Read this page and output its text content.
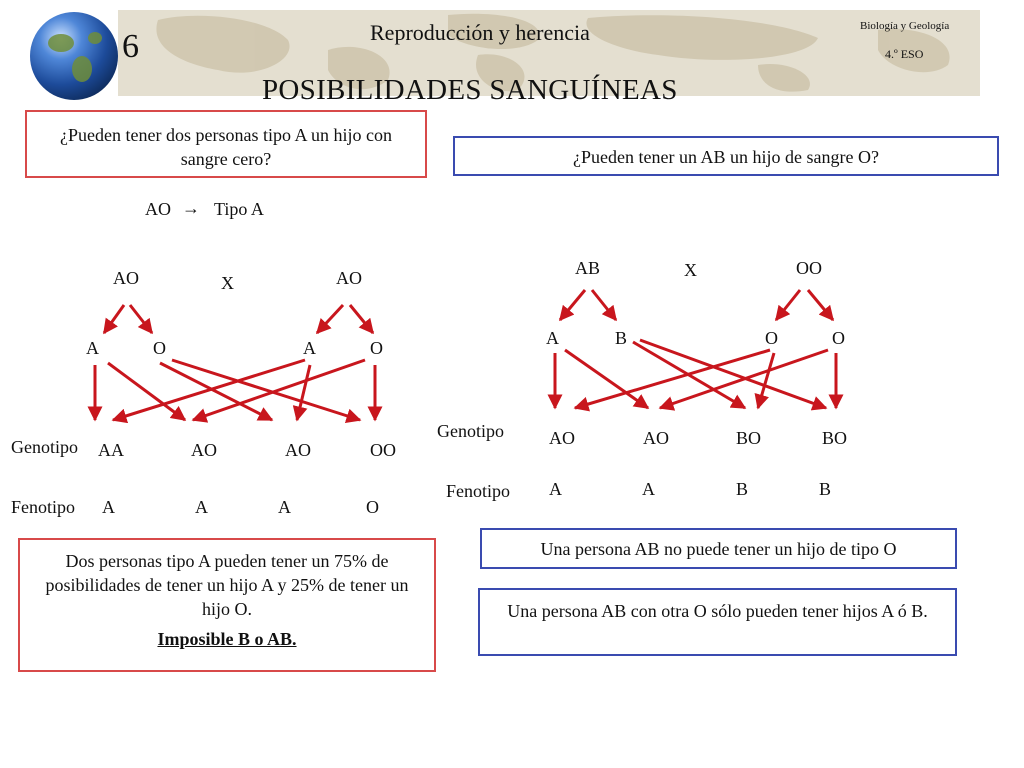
6	Reproducción y herencia	Biología y Geología
4.º ESO
POSIBILIDADES SANGUÍNEAS
¿Pueden tener dos personas tipo A un hijo con sangre cero?	¿Pueden tener un AB un hijo de sangre O?
AO → Tipo A
AO	X	AO
A	O	A	O
Genotipo AA	AO	AO	OO
Fenotipo A	A	A	O
AB	X	OO
A	B	O	O
Genotipo	AO	AO	BO	BO
Fenotipo A	A	B	B
Dos personas tipo A pueden tener un 75% de posibilidades de tener un hijo A y 25% de tener un hijo O.
Imposible B o AB.
Una persona AB no puede tener un hijo de tipo O
Una persona AB con otra O sólo pueden tener hijos A ó B.
